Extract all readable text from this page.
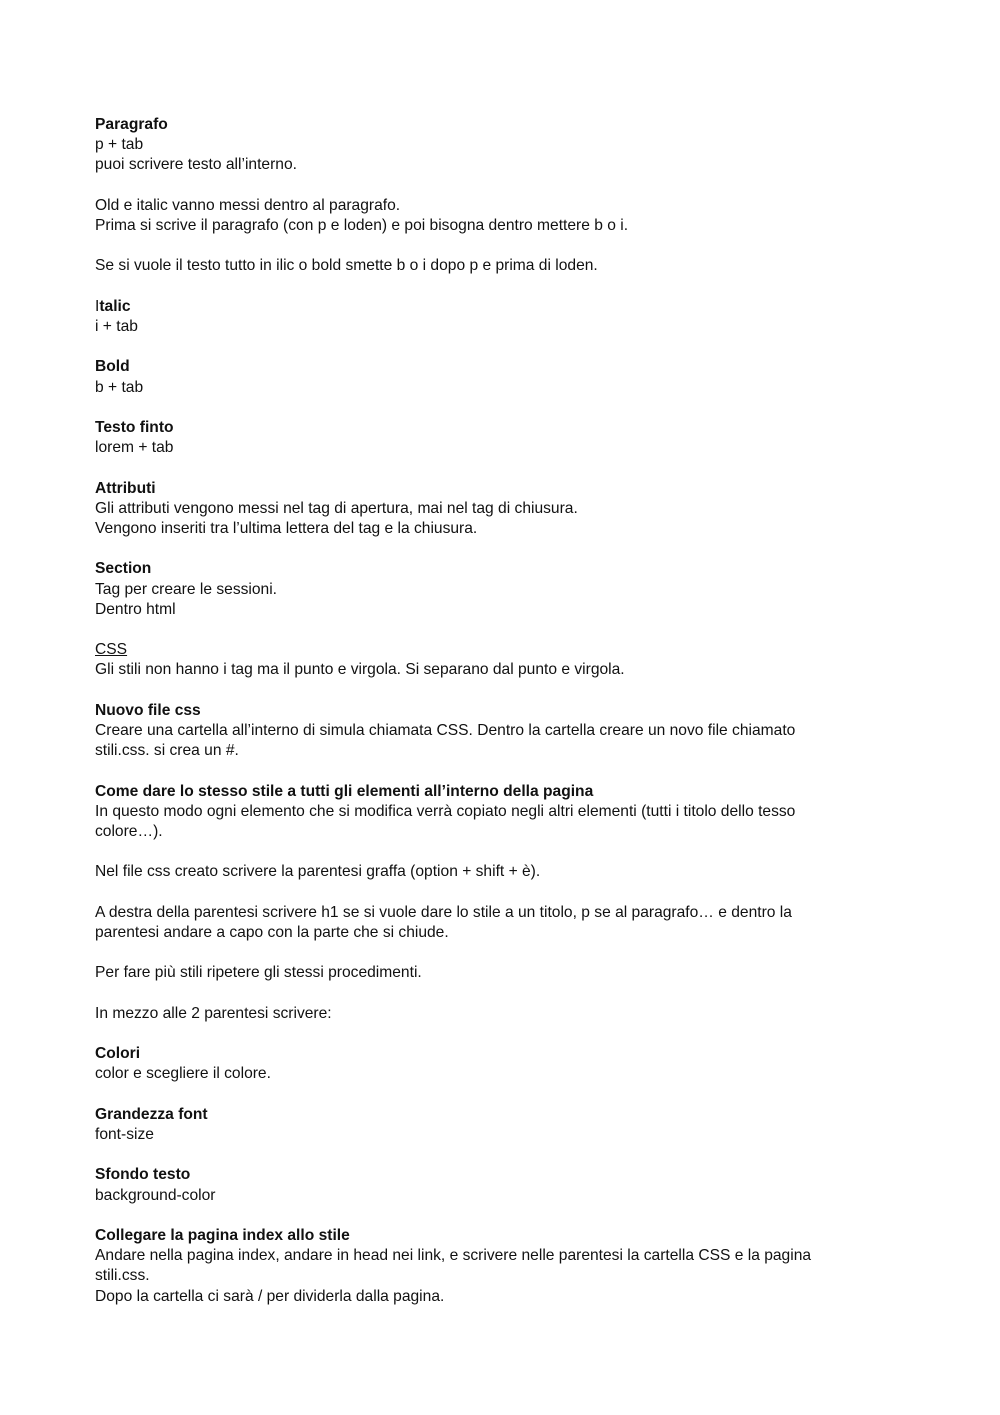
Paragrafo
p + tab
puoi scrivere testo all’interno.
Old e italic vanno messi dentro al paragrafo.
Prima si scrive il paragrafo (con p e loden) e poi bisogna dentro mettere b o i.
Se si vuole il testo tutto in ilic o bold smette b o i dopo p e prima di loden.
Italic
i + tab
Bold
b + tab
Testo finto
lorem + tab
Attributi
Gli attributi vengono messi nel tag di apertura, mai nel tag di chiusura.
Vengono inseriti tra l’ultima lettera del tag e la chiusura.
Section
Tag per creare le sessioni.
Dentro html
CSS
Gli stili non hanno i tag ma il punto e virgola. Si separano dal punto e virgola.
Nuovo file css
Creare una cartella all’interno di simula chiamata CSS. Dentro la cartella creare un novo file chiamato
stili.css. si crea un #.
Come dare lo stesso stile a tutti gli elementi all’interno della pagina
In questo modo ogni elemento che si modifica verrà copiato negli altri elementi (tutti i titolo dello tesso
colore…).
Nel file css creato scrivere la parentesi graffa (option + shift + è).
A destra della parentesi scrivere h1 se si vuole dare lo stile a un titolo, p se al paragrafo… e dentro la
parentesi andare a capo con la parte che si chiude.
Per fare più stili ripetere gli stessi procedimenti.
In mezzo alle 2 parentesi scrivere:
Colori
color e scegliere il colore.
Grandezza font
font-size
Sfondo testo
background-color
Collegare la pagina index allo stile
Andare nella pagina index, andare in head nei link, e scrivere nelle parentesi la cartella CSS e la pagina
stili.css.
Dopo la cartella ci sarà / per dividerla dalla pagina.
